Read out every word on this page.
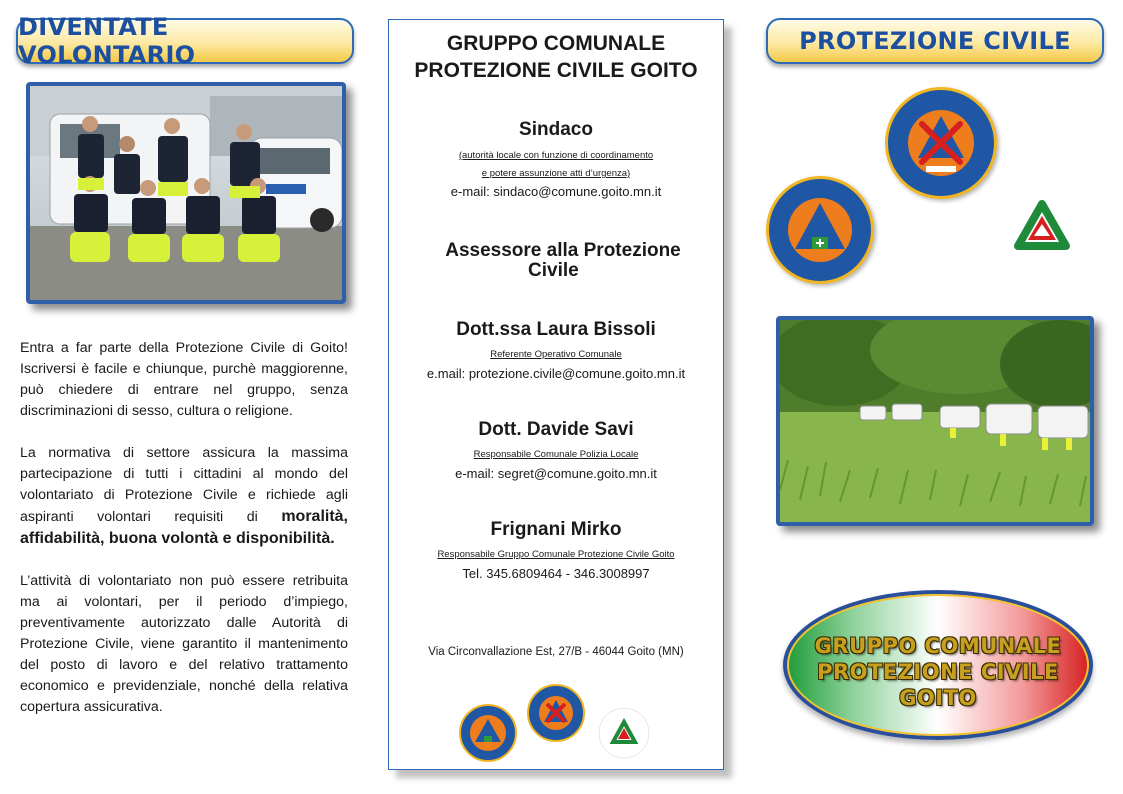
DIVENTATE VOLONTARIO

Entra a far parte della Protezione Civile di Goito! Iscriversi è facile e chiunque, purchè maggiorenne, può chiedere di entrare nel gruppo, senza discriminazioni di sesso, cultura o religione.

La normativa di settore assicura la massima partecipazione di tutti i cittadini al mondo del volontariato di Protezione Civile e richiede agli aspiranti volontari requisiti di moralità, affidabilità, buona volontà e disponibilità.

L’attività di volontariato non può essere retribuita ma ai volontari, per il periodo d’impiego, preventivamente autorizzato dalle Autorità di Protezione Civile, viene garantito il mantenimento del posto di lavoro e del relativo trattamento economico e previdenziale, nonché della relativa copertura assicurativa.

GRUPPO COMUNALE
PROTEZIONE CIVILE GOITO
Sindaco
(autorità locale con funzione di coordinamento
e potere assunzione atti d’urgenza)
e-mail: sindaco@comune.goito.mn.it
Assessore alla Protezione
Civile
Dott.ssa Laura Bissoli
Referente Operativo Comunale
e.mail: protezione.civile@comune.goito.mn.it
Dott. Davide Savi
Responsabile Comunale Polizia Locale
e-mail: segret@comune.goito.mn.it
Frignani Mirko
Responsabile Gruppo Comunale Protezione Civile Goito
Tel. 345.6809464 - 346.3008997
Via Circonvallazione Est, 27/B - 46044 Goito (MN)
PROTEZIONE CIVILE
GRUPPO COMUNALE
PROTEZIONE CIVILE
GOITO
